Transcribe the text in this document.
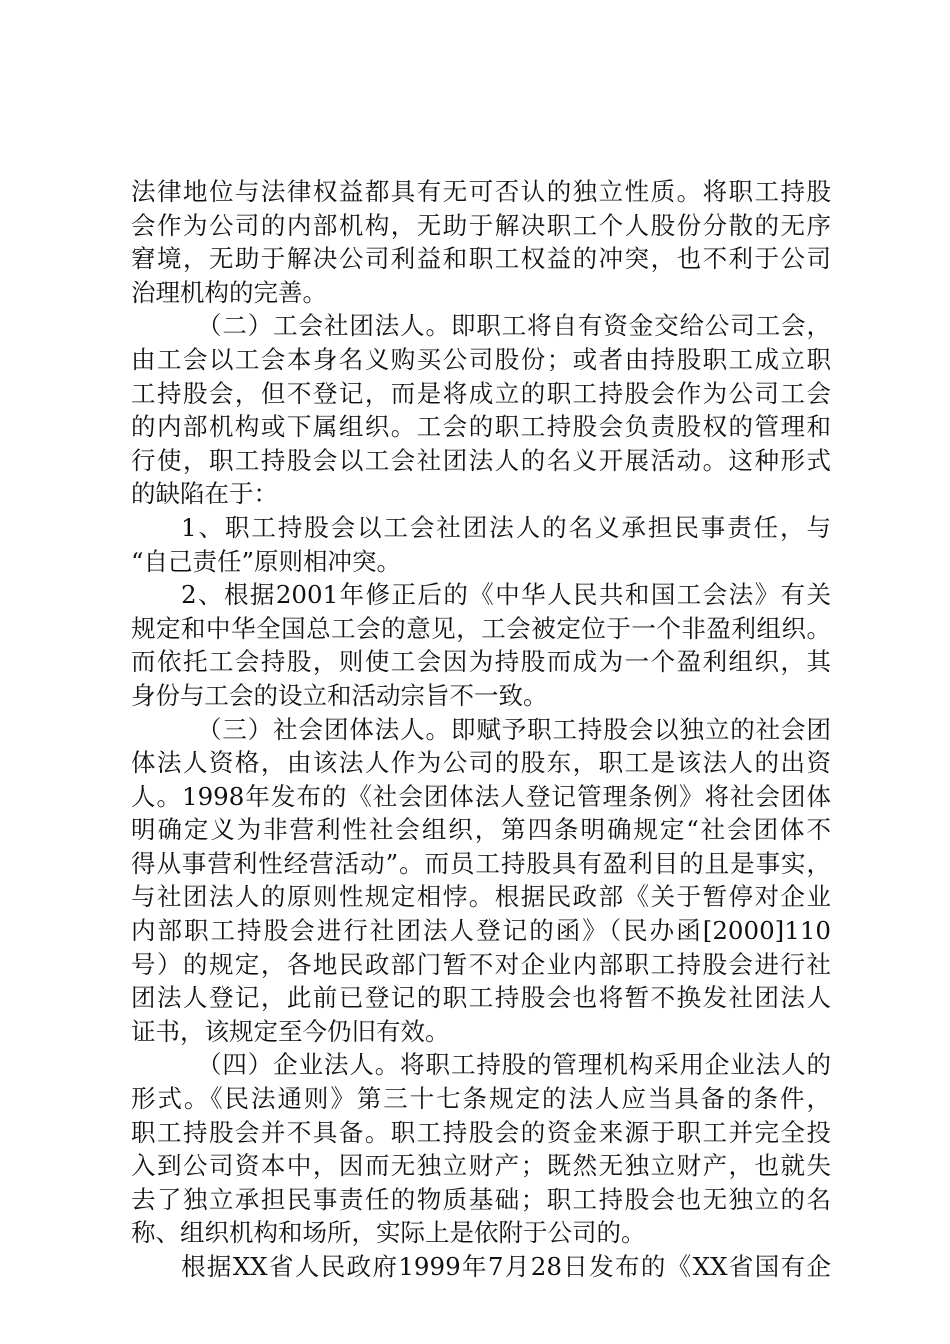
法律地位与法律权益都具有无可否认的独立性质。将职工持股
会作为公司的内部机构，无助于解决职工个人股份分散的无序
窘境，无助于解决公司利益和职工权益的冲突，也不利于公司
治理机构的完善。
（二）工会社团法人。即职工将自有资金交给公司工会，
由工会以工会本身名义购买公司股份；或者由持股职工成立职
工持股会，但不登记，而是将成立的职工持股会作为公司工会
的内部机构或下属组织。工会的职工持股会负责股权的管理和
行使，职工持股会以工会社团法人的名义开展活动。这种形式
的缺陷在于：
1、职工持股会以工会社团法人的名义承担民事责任，与
“自己责任”原则相冲突。
2、根据2001年修正后的《中华人民共和国工会法》有关
规定和中华全国总工会的意见，工会被定位于一个非盈利组织。
而依托工会持股，则使工会因为持股而成为一个盈利组织，其
身份与工会的设立和活动宗旨不一致。
（三）社会团体法人。即赋予职工持股会以独立的社会团
体法人资格，由该法人作为公司的股东，职工是该法人的出资
人。1998年发布的《社会团体法人登记管理条例》将社会团体
明确定义为非营利性社会组织，第四条明确规定“社会团体不
得从事营利性经营活动”。而员工持股具有盈利目的且是事实，
与社团法人的原则性规定相悖。根据民政部《关于暂停对企业
内部职工持股会进行社团法人登记的函》（民办函[2000]110
号）的规定，各地民政部门暂不对企业内部职工持股会进行社
团法人登记，此前已登记的职工持股会也将暂不换发社团法人
证书，该规定至今仍旧有效。
（四）企业法人。将职工持股的管理机构采用企业法人的
形式。《民法通则》第三十七条规定的法人应当具备的条件，
职工持股会并不具备。职工持股会的资金来源于职工并完全投
入到公司资本中，因而无独立财产；既然无独立财产，也就失
去了独立承担民事责任的物质基础；职工持股会也无独立的名
称、组织机构和场所，实际上是依附于公司的。
根据XX省人民政府1999年7月28日发布的《XX省国有企
